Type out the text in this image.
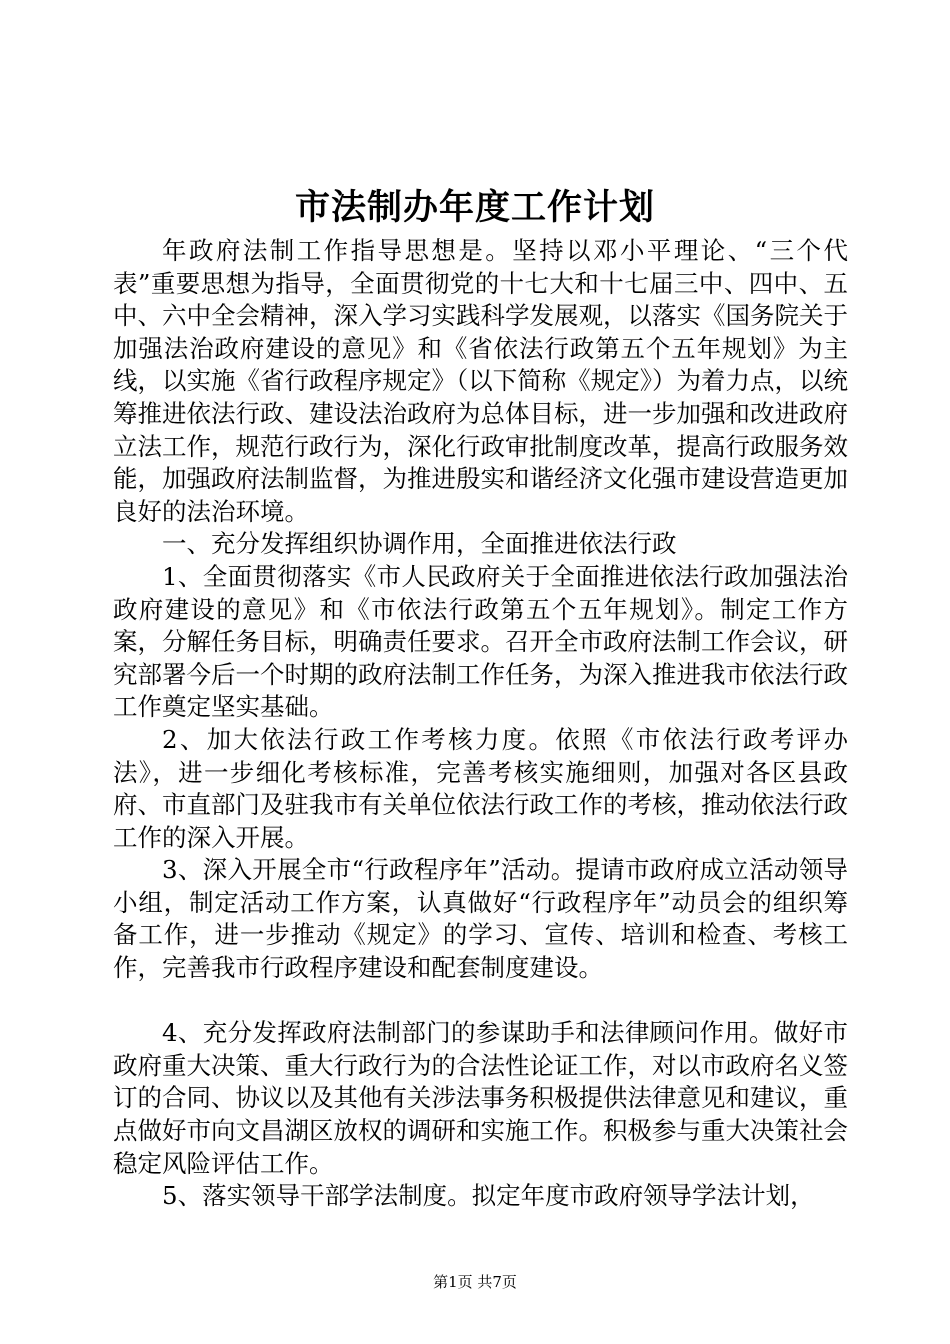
市法制办年度工作计划

年政府法制工作指导思想是。坚持以邓小平理论、“三个代表”重要思想为指导，全面贯彻党的十七大和十七届三中、四中、五中、六中全会精神，深入学习实践科学发展观，以落实《国务院关于加强法治政府建设的意见》和《省依法行政第五个五年规划》为主线，以实施《省行政程序规定》（以下简称《规定》）为着力点，以统筹推进依法行政、建设法治政府为总体目标，进一步加强和改进政府立法工作，规范行政行为，深化行政审批制度改革，提高行政服务效能，加强政府法制监督，为推进殷实和谐经济文化强市建设营造更加良好的法治环境。

一、充分发挥组织协调作用，全面推进依法行政

1、全面贯彻落实《市人民政府关于全面推进依法行政加强法治政府建设的意见》和《市依法行政第五个五年规划》。制定工作方案，分解任务目标，明确责任要求。召开全市政府法制工作会议，研究部署今后一个时期的政府法制工作任务，为深入推进我市依法行政工作奠定坚实基础。

2、加大依法行政工作考核力度。依照《市依法行政考评办法》，进一步细化考核标准，完善考核实施细则，加强对各区县政府、市直部门及驻我市有关单位依法行政工作的考核，推动依法行政工作的深入开展。

3、深入开展全市“行政程序年”活动。提请市政府成立活动领导小组，制定活动工作方案，认真做好“行政程序年”动员会的组织筹备工作，进一步推动《规定》的学习、宣传、培训和检查、考核工作，完善我市行政程序建设和配套制度建设。

4、充分发挥政府法制部门的参谋助手和法律顾问作用。做好市政府重大决策、重大行政行为的合法性论证工作，对以市政府名义签订的合同、协议以及其他有关涉法事务积极提供法律意见和建议，重点做好市向文昌湖区放权的调研和实施工作。积极参与重大决策社会稳定风险评估工作。

5、落实领导干部学法制度。拟定年度市政府领导学法计划，

第1页 共7页
